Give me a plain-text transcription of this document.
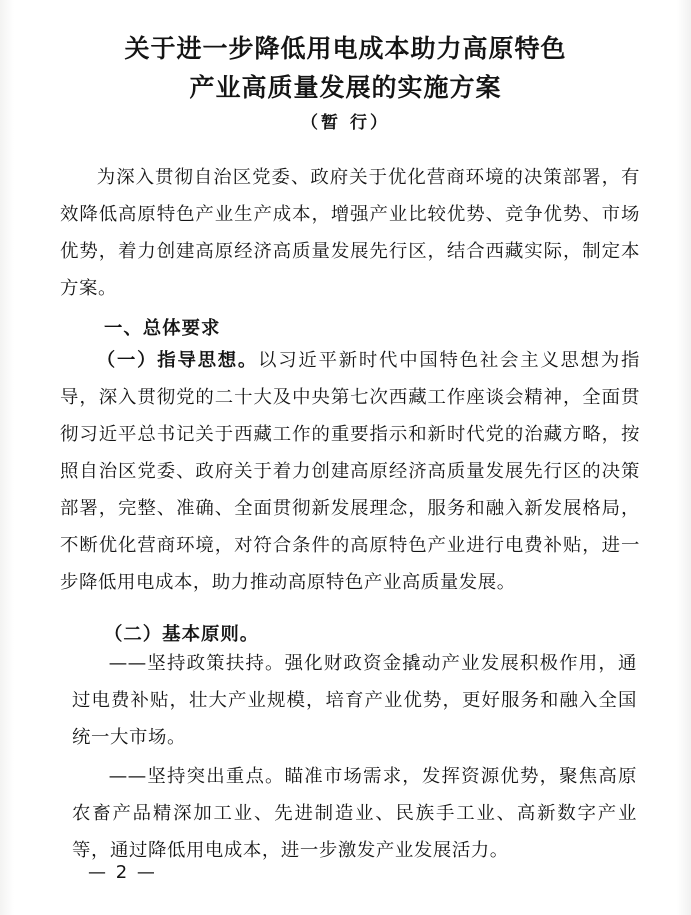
关于进一步降低用电成本助力高原特色
产业高质量发展的实施方案
（暂 行）

为深入贯彻自治区党委、政府关于优化营商环境的决策部署，有效降低高原特色产业生产成本，增强产业比较优势、竞争优势、市场优势，着力创建高原经济高质量发展先行区，结合西藏实际，制定本方案。

一、总体要求

（一）指导思想。以习近平新时代中国特色社会主义思想为指导，深入贯彻党的二十大及中央第七次西藏工作座谈会精神，全面贯彻习近平总书记关于西藏工作的重要指示和新时代党的治藏方略，按照自治区党委、政府关于着力创建高原经济高质量发展先行区的决策部署，完整、准确、全面贯彻新发展理念，服务和融入新发展格局，不断优化营商环境，对符合条件的高原特色产业进行电费补贴，进一步降低用电成本，助力推动高原特色产业高质量发展。

（二）基本原则。

——坚持政策扶持。强化财政资金撬动产业发展积极作用，通过电费补贴，壮大产业规模，培育产业优势，更好服务和融入全国统一大市场。

——坚持突出重点。瞄准市场需求，发挥资源优势，聚焦高原农畜产品精深加工业、先进制造业、民族手工业、高新数字产业等，通过降低用电成本，进一步激发产业发展活力。

— 2 —
